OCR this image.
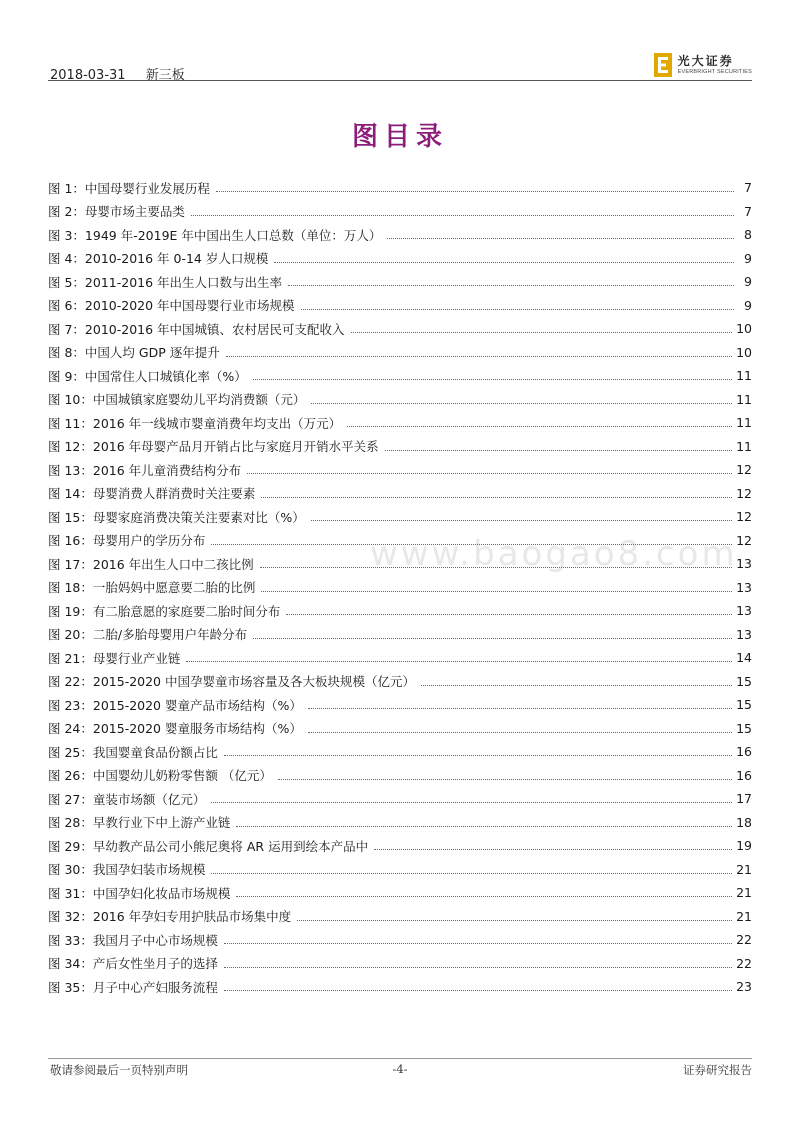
2018-03-31 新三板
光大证券
EVERBRIGHT SECURITIES
图目录
图 1：中国母婴行业发展历程	7
图 2：母婴市场主要品类	7
图 3：1949 年-2019E 年中国出生人口总数（单位：万人）	8
图 4：2010-2016 年 0-14 岁人口规模	9
图 5：2011-2016 年出生人口数与出生率	9
图 6：2010-2020 年中国母婴行业市场规模	9
图 7：2010-2016 年中国城镇、农村居民可支配收入	10
图 8：中国人均 GDP 逐年提升	10
图 9：中国常住人口城镇化率（%）	11
图 10：中国城镇家庭婴幼儿平均消费额（元）	11
图 11：2016 年一线城市婴童消费年均支出（万元）	11
图 12：2016 年母婴产品月开销占比与家庭月开销水平关系	11
图 13：2016 年儿童消费结构分布	12
图 14：母婴消费人群消费时关注要素	12
图 15：母婴家庭消费决策关注要素对比（%）	12
图 16：母婴用户的学历分布	12
图 17：2016 年出生人口中二孩比例	13
图 18：一胎妈妈中愿意要二胎的比例	13
图 19：有二胎意愿的家庭要二胎时间分布	13
图 20：二胎/多胎母婴用户年龄分布	13
图 21：母婴行业产业链	14
图 22：2015-2020 中国孕婴童市场容量及各大板块规模（亿元）	15
图 23：2015-2020 婴童产品市场结构（%）	15
图 24：2015-2020 婴童服务市场结构（%）	15
图 25：我国婴童食品份额占比	16
图 26：中国婴幼儿奶粉零售额 （亿元）	16
图 27：童装市场额（亿元）	17
图 28：早教行业下中上游产业链	18
图 29：早幼教产品公司小熊尼奥将 AR 运用到绘本产品中	19
图 30：我国孕妇装市场规模	21
图 31：中国孕妇化妆品市场规模	21
图 32：2016 年孕妇专用护肤品市场集中度	21
图 33：我国月子中心市场规模	22
图 34：产后女性坐月子的选择	22
图 35：月子中心产妇服务流程	23
敬请参阅最后一页特别声明	-4-	证券研究报告
www.baogao8.com
